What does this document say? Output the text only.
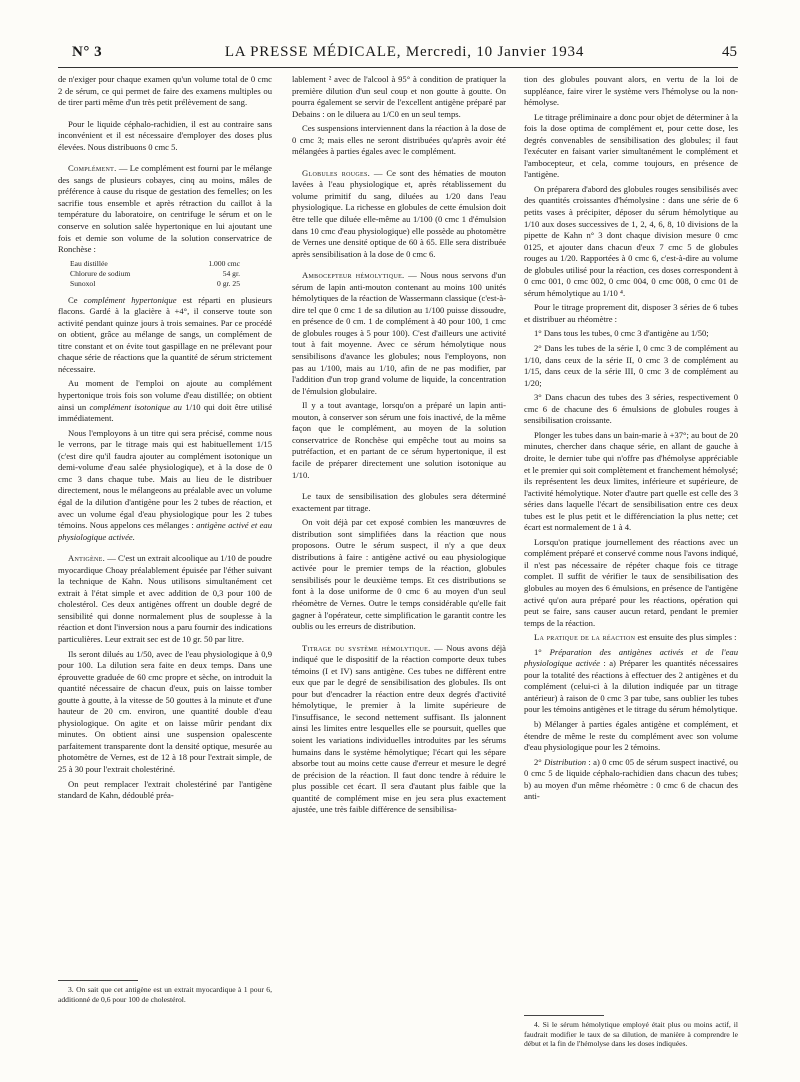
N° 3	LA PRESSE MÉDICALE, Mercredi, 10 Janvier 1934	45

de n'exiger pour chaque examen qu'un volume total de 0 cmc 2 de sérum, ce qui permet de faire des examens multiples ou de tirer parti même d'un très petit prélèvement de sang.

Pour le liquide céphalo-rachidien, il est au contraire sans inconvénient et il est nécessaire d'employer des doses plus élevées. Nous distribuons 0 cmc 5.

Complément. — Le complément est fourni par le mélange des sangs de plusieurs cobayes, cinq au moins, mâles de préférence à cause du risque de gestation des femelles; on les sacrifie tous ensemble et après rétraction du caillot à la température du laboratoire, on centrifuge le sérum et on le conserve en solution salée hypertonique en lui ajoutant une fois et demie son volume de la solution conservatrice de Ronchèse :

Eau distillée	1.000 cmc
Chlorure de sodium	54 gr.
Sunoxol	0 gr. 25

Ce complément hypertonique est réparti en plusieurs flacons. Gardé à la glacière à +4°, il conserve toute son activité pendant quinze jours à trois semaines. Par ce procédé on obtient, grâce au mélange de sangs, un complément de titre constant et on évite tout gaspillage en ne prélevant pour chaque série de réactions que la quantité de sérum strictement nécessaire.

Au moment de l'emploi on ajoute au complément hypertonique trois fois son volume d'eau distillée; on obtient ainsi un complément isotonique au 1/10 qui doit être utilisé immédiatement.

Nous l'employons à un titre qui sera précisé, comme nous le verrons, par le titrage mais qui est habituellement 1/15 (c'est dire qu'il faudra ajouter au complément isotonique un demi-volume d'eau salée physiologique), et à la dose de 0 cmc 3 dans chaque tube. Mais au lieu de le distribuer directement, nous le mélangeons au préalable avec un volume égal de la dilution d'antigène pour les 2 tubes de réaction, et avec un volume égal d'eau physiologique pour les 2 tubes témoins. Nous appelons ces mélanges : antigène activé et eau physiologique activée.

Antigène. — C'est un extrait alcoolique au 1/10 de poudre myocardique Choay préalablement épuisée par l'éther suivant la technique de Kahn. Nous utilisons simultanément cet extrait à l'état simple et avec addition de 0,3 pour 100 de cholestérol. Ces deux antigènes offrent un double degré de sensibilité qui donne normalement plus de souplesse à la réaction et dont l'inversion nous a paru fournir des indications particulières. Leur extrait sec est de 10 gr. 50 par litre.

Ils seront dilués au 1/50, avec de l'eau physiologique à 0,9 pour 100. La dilution sera faite en deux temps. Dans une éprouvette graduée de 60 cmc propre et sèche, on introduit la quantité nécessaire de chacun d'eux, puis on laisse tomber goutte à goutte, à la vitesse de 50 gouttes à la minute et d'une hauteur de 20 cm. environ, une quantité double d'eau physiologique. On agite et on laisse mûrir pendant dix minutes. On obtient ainsi une suspension opalescente parfaitement transparente dont la densité optique, mesurée au photomètre de Vernes, est de 12 à 18 pour l'extrait simple, de 25 à 30 pour l'extrait cholestériné.

On peut remplacer l'extrait cholestériné par l'antigène standard de Kahn, dédoublé préa-

3. On sait que cet antigène est un extrait myocardique à 1 pour 6, additionné de 0,6 pour 100 de cholestérol.

lablement ² avec de l'alcool à 95° à condition de pratiquer la première dilution d'un seul coup et non goutte à goutte. On pourra également se servir de l'excellent antigène préparé par Debains : on le diluera au 1/C0 en un seul temps.

Ces suspensions interviennent dans la réaction à la dose de 0 cmc 3; mais elles ne seront distribuées qu'après avoir été mélangées à parties égales avec le complément.

Globules rouges. — Ce sont des hématies de mouton lavées à l'eau physiologique et, après rétablissement du volume primitif du sang, diluées au 1/20 dans l'eau physiologique. La richesse en globules de cette émulsion doit être telle que diluée elle-même au 1/100 (0 cmc 1 d'émulsion dans 10 cmc d'eau physiologique) elle possède au photomètre de Vernes une densité optique de 60 à 65. Elle sera distribuée après sensibilisation à la dose de 0 cmc 6.

Ambocepteur hémolytique. — Nous nous servons d'un sérum de lapin anti-mouton contenant au moins 100 unités hémolytiques de la réaction de Wassermann classique (c'est-à-dire tel que 0 cmc 1 de sa dilution au 1/100 puisse dissoudre, en présence de 0 cm. 1 de complément à 40 pour 100, 1 cmc de globules rouges à 5 pour 100). C'est d'ailleurs une activité tout à fait moyenne. Avec ce sérum hémolytique nous sensibilisons d'avance les globules; nous l'employons, non pas au 1/100, mais au 1/10, afin de ne pas modifier, par l'addition d'un trop grand volume de liquide, la concentration de l'émulsion globulaire.

Il y a tout avantage, lorsqu'on a préparé un lapin anti-mouton, à conserver son sérum une fois inactivé, de la même façon que le complément, au moyen de la solution conservatrice de Ronchèse qui empêche tout au moins sa putréfaction, et en partant de ce sérum hypertonique, il est facile de préparer directement une solution isotonique au 1/10.

Le taux de sensibilisation des globules sera déterminé exactement par titrage.

On voit déjà par cet exposé combien les manœuvres de distribution sont simplifiées dans la réaction que nous proposons. Outre le sérum suspect, il n'y a que deux distributions à faire : antigène activé ou eau physiologique activée pour le premier temps de la réaction, globules sensibilisés pour le deuxième temps. Et ces distributions se font à la dose uniforme de 0 cmc 6 au moyen d'un seul rhéomètre de Vernes. Outre le temps considérable qu'elle fait gagner à l'opérateur, cette simplification le garantit contre les oublis ou les erreurs de distribution.

Titrage du système hémolytique. — Nous avons déjà indiqué que le dispositif de la réaction comporte deux tubes témoins (I et IV) sans antigène. Ces tubes ne diffèrent entre eux que par le degré de sensibilisation des globules. Ils ont pour but d'encadrer la réaction entre deux degrés d'activité hémolytique, le premier à la limite supérieure de l'insuffisance, le second nettement suffisant. Ils jalonnent ainsi les limites entre lesquelles elle se poursuit, quelles que soient les variations individuelles introduites par les sérums humains dans le système hémolytique; l'écart qui les sépare absorbe tout au moins cette cause d'erreur et mesure le degré de précision de la réaction. Il faut donc tendre à réduire le plus possible cet écart. Il sera d'autant plus faible que la quantité de complément mise en jeu sera plus exactement ajustée, une très faible différence de sensibilisa-

tion des globules pouvant alors, en vertu de la loi de suppléance, faire virer le système vers l'hémolyse ou la non-hémolyse.

Le titrage préliminaire a donc pour objet de déterminer à la fois la dose optima de complément et, pour cette dose, les degrés convenables de sensibilisation des globules; il faut l'exécuter en faisant varier simultanément le complément et l'ambocepteur, et cela, comme toujours, en présence de l'antigène.

On préparera d'abord des globules rouges sensibilisés avec des quantités croissantes d'hémolysine : dans une série de 6 petits vases à précipiter, déposer du sérum hémolytique au 1/10 aux doses successives de 1, 2, 4, 6, 8, 10 divisions de la pipette de Kahn n° 3 dont chaque division mesure 0 cmc 0125, et ajouter dans chacun d'eux 7 cmc 5 de globules rouges au 1/20. Rapportées à 0 cmc 6, c'est-à-dire au volume de globules utilisé pour la réaction, ces doses correspondent à 0 cmc 001, 0 cmc 002, 0 cmc 004, 0 cmc 008, 0 cmc 01 de sérum hémolytique au 1/10 ⁴.

Pour le titrage proprement dit, disposer 3 séries de 6 tubes et distribuer au rhéomètre :

1° Dans tous les tubes, 0 cmc 3 d'antigène au 1/50;

2° Dans les tubes de la série I, 0 cmc 3 de complément au 1/10, dans ceux de la série II, 0 cmc 3 de complément au 1/15, dans ceux de la série III, 0 cmc 3 de complément au 1/20;

3° Dans chacun des tubes des 3 séries, respectivement 0 cmc 6 de chacune des 6 émulsions de globules rouges à sensibilisation croissante.

Plonger les tubes dans un bain-marie à +37°; au bout de 20 minutes, chercher dans chaque série, en allant de gauche à droite, le dernier tube qui n'offre pas d'hémolyse appréciable et le premier qui soit complètement et franchement hémolysé; ils représentent les deux limites, inférieure et supérieure, de l'activité hémolytique. Noter d'autre part quelle est celle des 3 séries dans laquelle l'écart de sensibilisation entre ces deux tubes est le plus petit et le différenciation la plus nette; cet écart est normalement de 1 à 4.

Lorsqu'on pratique journellement des réactions avec un complément préparé et conservé comme nous l'avons indiqué, il n'est pas nécessaire de répéter chaque fois ce titrage complet. Il suffit de vérifier le taux de sensibilisation des globules au moyen des 6 émulsions, en présence de l'antigène activé qu'on aura préparé pour les réactions, opération qui peut se faire, sans causer aucun retard, pendant le premier temps de la réaction.

La pratique de la réaction est ensuite des plus simples :

1° Préparation des antigènes activés et de l'eau physiologique activée : a) Préparer les quantités nécessaires pour la totalité des réactions à effectuer des 2 antigènes et du complément (celui-ci à la dilution indiquée par un titrage antérieur) à raison de 0 cmc 3 par tube, sans oublier les tubes pour les témoins antigènes et le titrage du sérum hémolytique.

b) Mélanger à parties égales antigène et complément, et étendre de même le reste du complément avec son volume d'eau physiologique pour les 2 témoins.

2° Distribution : a) 0 cmc 05 de sérum suspect inactivé, ou 0 cmc 5 de liquide céphalo-rachidien dans chacun des tubes; b) au moyen d'un même rhéomètre : 0 cmc 6 de chacun des anti-

4. Si le sérum hémolytique employé était plus ou moins actif, il faudrait modifier le taux de sa dilution, de manière à comprendre le début et la fin de l'hémolyse dans les doses indiquées.
